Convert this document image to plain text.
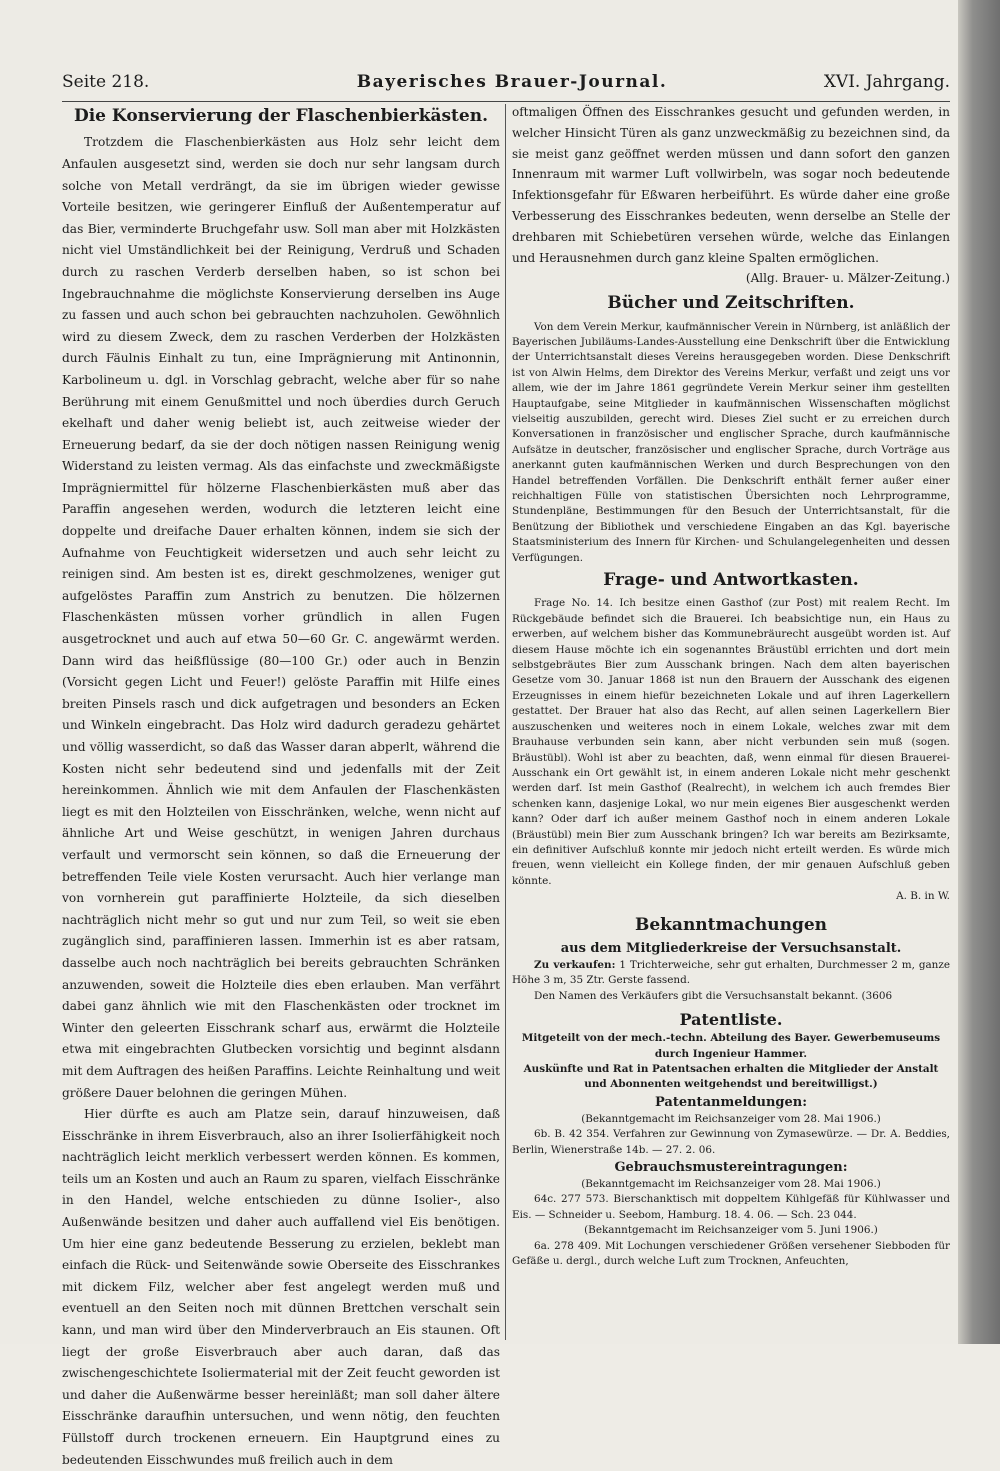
Seite 218.	Bayerisches Brauer-Journal.	XVI. Jahrgang.
Die Konservierung der Flaschenbierkästen.

Trotzdem die Flaschenbierkästen aus Holz sehr leicht dem Anfaulen ausgesetzt sind, werden sie doch nur sehr langsam durch solche von Metall verdrängt, da sie im übrigen wieder gewisse Vorteile besitzen, wie geringerer Einfluß der Außentemperatur auf das Bier, verminderte Bruchgefahr usw. Soll man aber mit Holzkästen nicht viel Umständlichkeit bei der Reinigung, Verdruß und Schaden durch zu raschen Verderb derselben haben, so ist schon bei Ingebrauchnahme die möglichste Konservierung derselben ins Auge zu fassen und auch schon bei gebrauchten nachzuholen. Gewöhnlich wird zu diesem Zweck, dem zu raschen Verderben der Holzkästen durch Fäulnis Einhalt zu tun, eine Imprägnierung mit Antinonnin, Karbolineum u. dgl. in Vorschlag gebracht, welche aber für so nahe Berührung mit einem Genußmittel und noch überdies durch Geruch ekelhaft und daher wenig beliebt ist, auch zeitweise wieder der Erneuerung bedarf, da sie der doch nötigen nassen Reinigung wenig Widerstand zu leisten vermag. Als das einfachste und zweckmäßigste Imprägniermittel für hölzerne Flaschenbierkästen muß aber das Paraffin angesehen werden, wodurch die letzteren leicht eine doppelte und dreifache Dauer erhalten können, indem sie sich der Aufnahme von Feuchtigkeit widersetzen und auch sehr leicht zu reinigen sind. Am besten ist es, direkt geschmolzenes, weniger gut aufgelöstes Paraffin zum Anstrich zu benutzen. Die hölzernen Flaschenkästen müssen vorher gründlich in allen Fugen ausgetrocknet und auch auf etwa 50—60 Gr. C. angewärmt werden. Dann wird das heißflüssige (80—100 Gr.) oder auch in Benzin (Vorsicht gegen Licht und Feuer!) gelöste Paraffin mit Hilfe eines breiten Pinsels rasch und dick aufgetragen und besonders an Ecken und Winkeln eingebracht. Das Holz wird dadurch geradezu gehärtet und völlig wasserdicht, so daß das Wasser daran abperlt, während die Kosten nicht sehr bedeutend sind und jedenfalls mit der Zeit hereinkommen. Ähnlich wie mit dem Anfaulen der Flaschenkästen liegt es mit den Holzteilen von Eisschränken, welche, wenn nicht auf ähnliche Art und Weise geschützt, in wenigen Jahren durchaus verfault und vermorscht sein können, so daß die Erneuerung der betreffenden Teile viele Kosten verursacht. Auch hier verlange man von vornherein gut paraffinierte Holzteile, da sich dieselben nachträglich nicht mehr so gut und nur zum Teil, so weit sie eben zugänglich sind, paraffinieren lassen. Immerhin ist es aber ratsam, dasselbe auch noch nachträglich bei bereits gebrauchten Schränken anzuwenden, soweit die Holzteile dies eben erlauben. Man verfährt dabei ganz ähnlich wie mit den Flaschenkästen oder trocknet im Winter den geleerten Eisschrank scharf aus, erwärmt die Holzteile etwa mit eingebrachten Glutbecken vorsichtig und beginnt alsdann mit dem Auftragen des heißen Paraffins. Leichte Reinhaltung und weit größere Dauer belohnen die geringen Mühen.

Hier dürfte es auch am Platze sein, darauf hinzuweisen, daß Eisschränke in ihrem Eisverbrauch, also an ihrer Isolierfähigkeit noch nachträglich leicht merklich verbessert werden können. Es kommen, teils um an Kosten und auch an Raum zu sparen, vielfach Eisschränke in den Handel, welche entschieden zu dünne Isolier-, also Außenwände besitzen und daher auch auffallend viel Eis benötigen. Um hier eine ganz bedeutende Besserung zu erzielen, beklebt man einfach die Rück- und Seitenwände sowie Oberseite des Eisschrankes mit dickem Filz, welcher aber fest angelegt werden muß und eventuell an den Seiten noch mit dünnen Brettchen verschalt sein kann, und man wird über den Minderverbrauch an Eis staunen. Oft liegt der große Eisverbrauch aber auch daran, daß das zwischengeschichtete Isoliermaterial mit der Zeit feucht geworden ist und daher die Außenwärme besser hereinläßt; man soll daher ältere Eisschränke daraufhin untersuchen, und wenn nötig, den feuchten Füllstoff durch trockenen erneuern. Ein Hauptgrund eines zu bedeutenden Eisschwundes muß freilich auch in dem

oftmaligen Öffnen des Eisschrankes gesucht und gefunden werden, in welcher Hinsicht Türen als ganz unzweckmäßig zu bezeichnen sind, da sie meist ganz geöffnet werden müssen und dann sofort den ganzen Innenraum mit warmer Luft vollwirbeln, was sogar noch bedeutende Infektionsgefahr für Eßwaren herbeiführt. Es würde daher eine große Verbesserung des Eisschrankes bedeuten, wenn derselbe an Stelle der drehbaren mit Schiebetüren versehen würde, welche das Einlangen und Herausnehmen durch ganz kleine Spalten ermöglichen.

(Allg. Brauer- u. Mälzer-Zeitung.)

Bücher und Zeitschriften.

Von dem Verein Merkur, kaufmännischer Verein in Nürnberg, ist anläßlich der Bayerischen Jubiläums-Landes-Ausstellung eine Denkschrift über die Entwicklung der Unterrichtsanstalt dieses Vereins herausgegeben worden. Diese Denkschrift ist von Alwin Helms, dem Direktor des Vereins Merkur, verfaßt und zeigt uns vor allem, wie der im Jahre 1861 gegründete Verein Merkur seiner ihm gestellten Hauptaufgabe, seine Mitglieder in kaufmännischen Wissenschaften möglichst vielseitig auszubilden, gerecht wird. Dieses Ziel sucht er zu erreichen durch Konversationen in französischer und englischer Sprache, durch kaufmännische Aufsätze in deutscher, französischer und englischer Sprache, durch Vorträge aus anerkannt guten kaufmännischen Werken und durch Besprechungen von den Handel betreffenden Vorfällen. Die Denkschrift enthält ferner außer einer reichhaltigen Fülle von statistischen Übersichten noch Lehrprogramme, Stundenpläne, Bestimmungen für den Besuch der Unterrichtsanstalt, für die Benützung der Bibliothek und verschiedene Eingaben an das Kgl. bayerische Staatsministerium des Innern für Kirchen- und Schulangelegenheiten und dessen Verfügungen.

Frage- und Antwortkasten.

Frage No. 14. Ich besitze einen Gasthof (zur Post) mit realem Recht. Im Rückgebäude befindet sich die Brauerei. Ich beabsichtige nun, ein Haus zu erwerben, auf welchem bisher das Kommunebräurecht ausgeübt worden ist. Auf diesem Hause möchte ich ein sogenanntes Bräustübl errichten und dort mein selbstgebräutes Bier zum Ausschank bringen. Nach dem alten bayerischen Gesetze vom 30. Januar 1868 ist nun den Brauern der Ausschank des eigenen Erzeugnisses in einem hiefür bezeichneten Lokale und auf ihren Lagerkellern gestattet. Der Brauer hat also das Recht, auf allen seinen Lagerkellern Bier auszuschenken und weiteres noch in einem Lokale, welches zwar mit dem Brauhause verbunden sein kann, aber nicht verbunden sein muß (sogen. Bräustübl). Wohl ist aber zu beachten, daß, wenn einmal für diesen Brauerei-Ausschank ein Ort gewählt ist, in einem anderen Lokale nicht mehr geschenkt werden darf. Ist mein Gasthof (Realrecht), in welchem ich auch fremdes Bier schenken kann, dasjenige Lokal, wo nur mein eigenes Bier ausgeschenkt werden kann? Oder darf ich außer meinem Gasthof noch in einem anderen Lokale (Bräustübl) mein Bier zum Ausschank bringen? Ich war bereits am Bezirksamte, ein definitiver Aufschluß konnte mir jedoch nicht erteilt werden. Es würde mich freuen, wenn vielleicht ein Kollege finden, der mir genauen Aufschluß geben könnte.

A. B. in W.

Bekanntmachungen
aus dem Mitgliederkreise der Versuchsanstalt.

Zu verkaufen: 1 Trichterweiche, sehr gut erhalten, Durchmesser 2 m, ganze Höhe 3 m, 35 Ztr. Gerste fassend.

Den Namen des Verkäufers gibt die Versuchsanstalt bekannt. (3606

Patentliste.

Mitgeteilt von der mech.-techn. Abteilung des Bayer. Gewerbemuseums durch Ingenieur Hammer.

Auskünfte und Rat in Patentsachen erhalten die Mitglieder der Anstalt und Abonnenten weitgehendst und bereitwilligst.)

Patentanmeldungen:

(Bekanntgemacht im Reichsanzeiger vom 28. Mai 1906.)

6b. B. 42 354. Verfahren zur Gewinnung von Zymasewürze. — Dr. A. Beddies, Berlin, Wienerstraße 14b. — 27. 2. 06.

Gebrauchsmustereintragungen:

(Bekanntgemacht im Reichsanzeiger vom 28. Mai 1906.)

64c. 277 573. Bierschanktisch mit doppeltem Kühlgefäß für Kühlwasser und Eis. — Schneider u. Seebom, Hamburg. 18. 4. 06. — Sch. 23 044.

(Bekanntgemacht im Reichsanzeiger vom 5. Juni 1906.)

6a. 278 409. Mit Lochungen verschiedener Größen versehener Siebboden für Gefäße u. dergl., durch welche Luft zum Trocknen, Anfeuchten,
